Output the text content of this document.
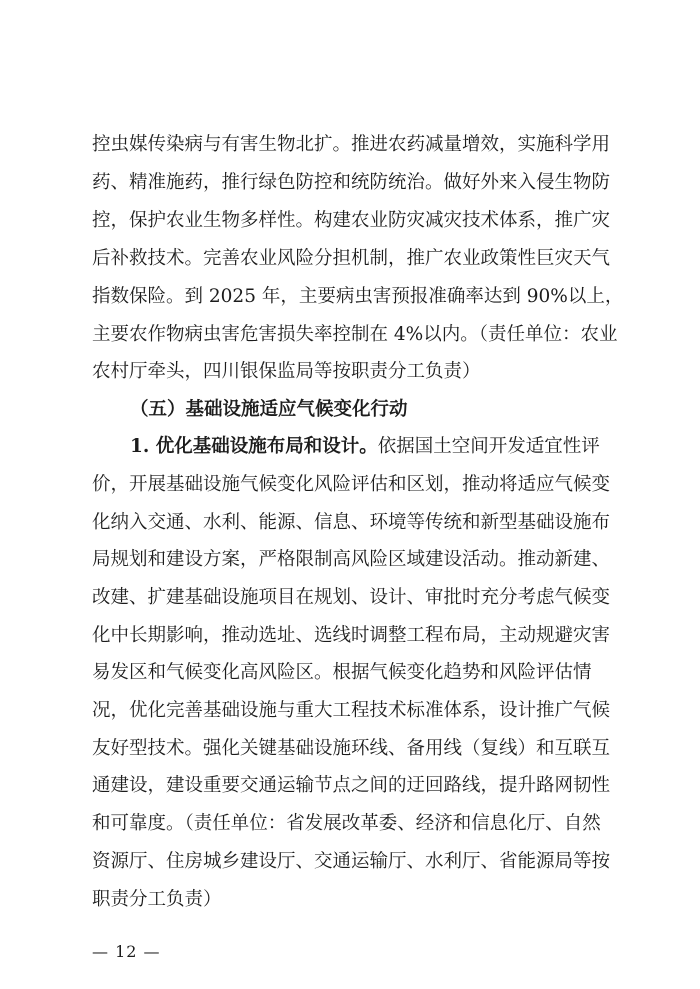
控虫媒传染病与有害生物北扩。推进农药减量增效，实施科学用
药、精准施药，推行绿色防控和统防统治。做好外来入侵生物防
控，保护农业生物多样性。构建农业防灾减灾技术体系，推广灾
后补救技术。完善农业风险分担机制，推广农业政策性巨灾天气
指数保险。到 2025 年，主要病虫害预报准确率达到 90%以上，
主要农作物病虫害危害损失率控制在 4%以内。（责任单位：农业
农村厅牵头，四川银保监局等按职责分工负责）
（五）基础设施适应气候变化行动
1. 优化基础设施布局和设计。依据国土空间开发适宜性评
价，开展基础设施气候变化风险评估和区划，推动将适应气候变
化纳入交通、水利、能源、信息、环境等传统和新型基础设施布
局规划和建设方案，严格限制高风险区域建设活动。推动新建、
改建、扩建基础设施项目在规划、设计、审批时充分考虑气候变
化中长期影响，推动选址、选线时调整工程布局，主动规避灾害
易发区和气候变化高风险区。根据气候变化趋势和风险评估情
况，优化完善基础设施与重大工程技术标准体系，设计推广气候
友好型技术。强化关键基础设施环线、备用线（复线）和互联互
通建设，建设重要交通运输节点之间的迂回路线，提升路网韧性
和可靠度。（责任单位：省发展改革委、经济和信息化厅、自然
资源厅、住房城乡建设厅、交通运输厅、水利厅、省能源局等按
职责分工负责）
— 12 —
